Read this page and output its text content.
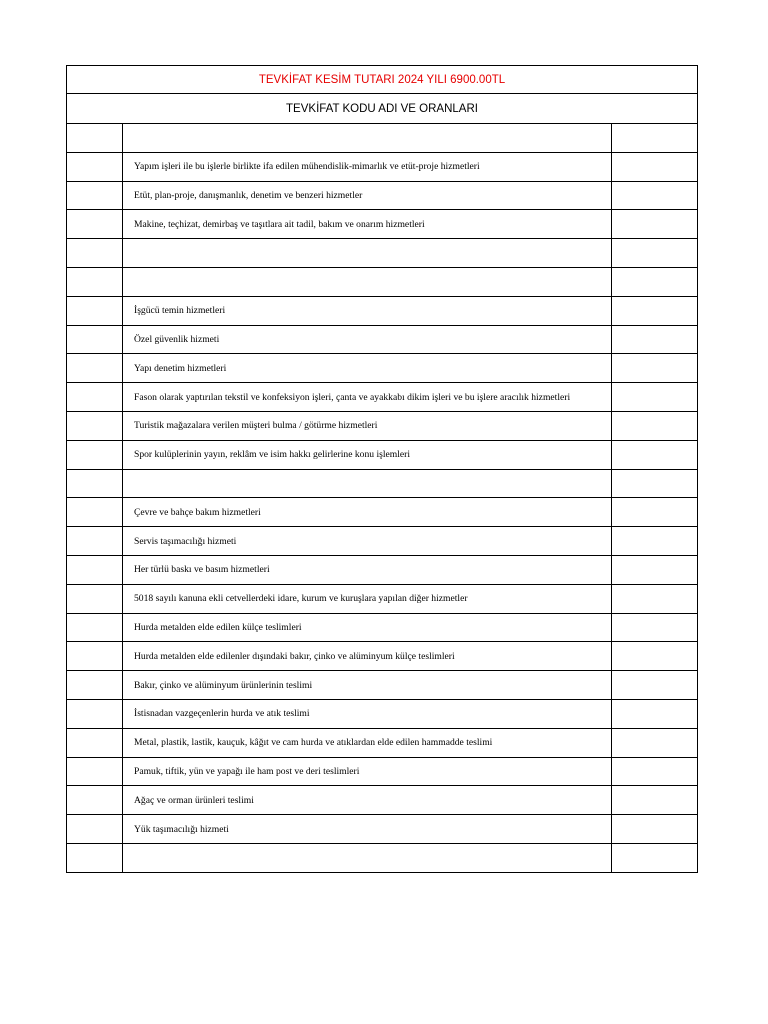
TEVKİFAT KESİM TUTARI 2024 YILI 6900.00TL		
TEVKİFAT KODU ADI VE ORANLARI		

	Yapım işleri ile bu işlerle birlikte ifa edilen mühendislik-mimarlık ve etüt-proje hizmetleri	
	Etüt, plan-proje, danışmanlık, denetim ve benzeri hizmetler	
	Makine, teçhizat, demirbaş ve taşıtlara ait tadil, bakım ve onarım hizmetleri	

	İşgücü temin hizmetleri	
	Özel güvenlik hizmeti	
	Yapı denetim hizmetleri	
	Fason olarak yaptırılan tekstil ve konfeksiyon işleri, çanta ve ayakkabı dikim işleri ve bu işlere aracılık hizmetleri	
	Turistik mağazalara verilen müşteri bulma / götürme hizmetleri	
	Spor kulüplerinin yayın, reklâm ve isim hakkı gelirlerine konu işlemleri	

	Çevre ve bahçe bakım hizmetleri	
	Servis taşımacılığı hizmeti	
	Her türlü baskı ve basım hizmetleri	
	5018 sayılı kanuna ekli cetvellerdeki idare, kurum ve kuruşlara yapılan diğer hizmetler	
	Hurda metalden elde edilen külçe teslimleri	
	Hurda metalden elde edilenler dışındaki bakır, çinko ve alüminyum külçe teslimleri	
	Bakır, çinko ve alüminyum ürünlerinin teslimi	
	İstisnadan vazgeçenlerin hurda ve atık teslimi	
	Metal, plastik, lastik, kauçuk, kâğıt ve cam hurda ve atıklardan elde edilen hammadde teslimi	
	Pamuk, tiftik, yün ve yapağı ile ham post ve deri teslimleri	
	Ağaç ve orman ürünleri teslimi	
	Yük taşımacılığı hizmeti	
